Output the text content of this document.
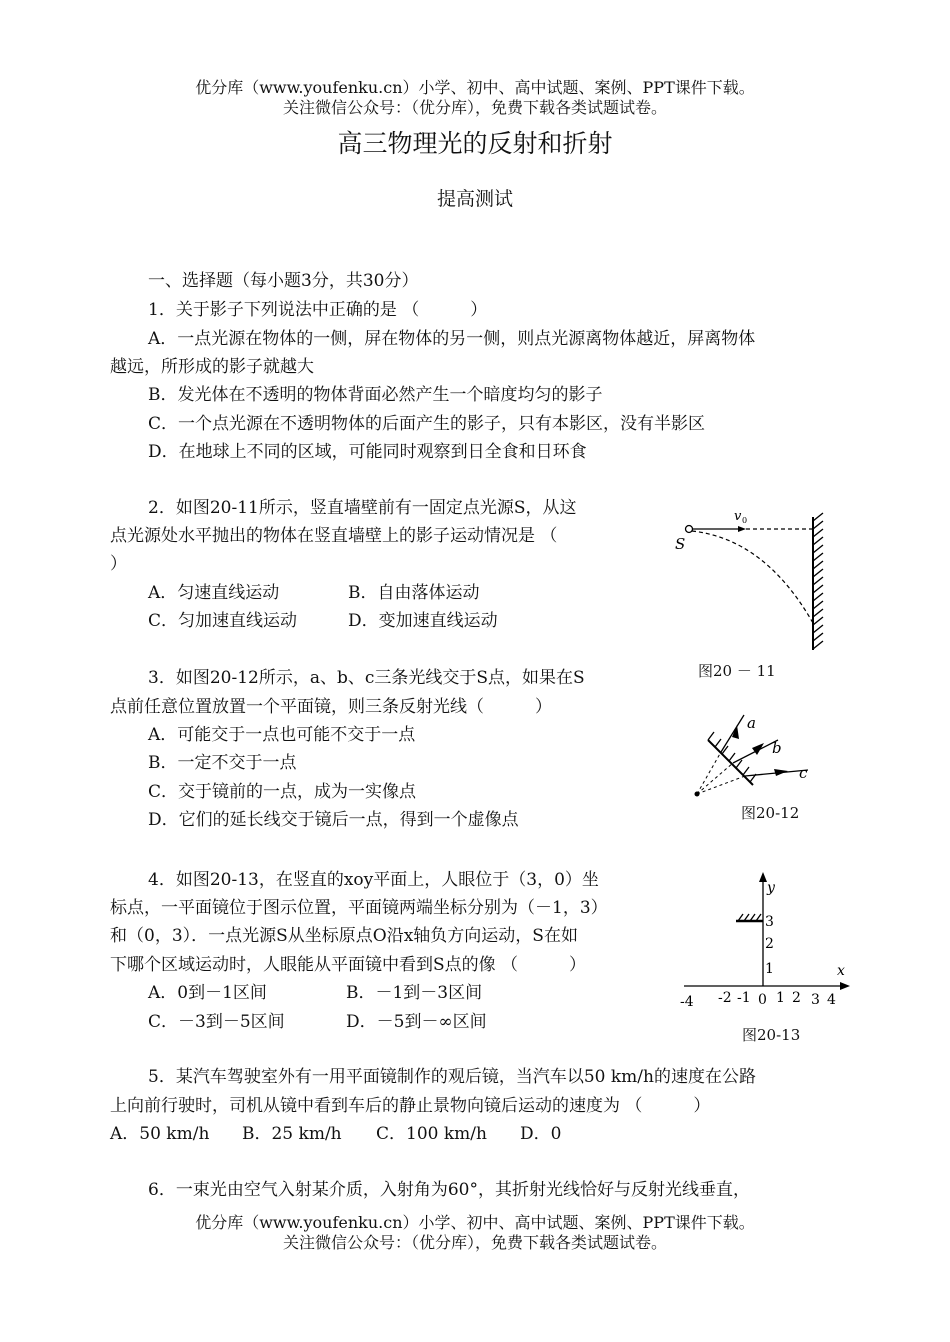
优分库（www.youfenku.cn）小学、初中、高中试题、案例、PPT课件下载。
关注微信公众号：（优分库），免费下载各类试题试卷。
高三物理光的反射和折射
提高测试
一、选择题（每小题3分，共30分）
1．关于影子下列说法中正确的是 （　　　）
A．一点光源在物体的一侧，屏在物体的另一侧，则点光源离物体越近，屏离物体
越远，所形成的影子就越大
B．发光体在不透明的物体背面必然产生一个暗度均匀的影子
C．一个点光源在不透明物体的后面产生的影子，只有本影区，没有半影区
D．在地球上不同的区域，可能同时观察到日全食和日环食
2．如图20-11所示，竖直墙壁前有一固定点光源S，从这
点光源处水平抛出的物体在竖直墙壁上的影子运动情况是 （
）
A．匀速直线运动	B．自由落体运动
C．匀加速直线运动	D．变加速直线运动
S
v 0
图20 － 11
3．如图20-12所示，a、b、c三条光线交于S点，如果在S
点前任意位置放置一个平面镜，则三条反射光线（　　　）
A．可能交于一点也可能不交于一点
B．一定不交于一点
C．交于镜前的一点，成为一实像点
D．它们的延长线交于镜后一点，得到一个虚像点
a
b
c
图20-12
4．如图20-13，在竖直的xoy平面上，人眼位于（3，0）坐
标点，一平面镜位于图示位置，平面镜两端坐标分别为（－1，3）
和（0，3）．一点光源S从坐标原点O沿x轴负方向运动，S在如
下哪个区域运动时，人眼能从平面镜中看到S点的像 （　　　）
A．0到－1区间	B．－1到－3区间
C．－3到－5区间	D．－5到－∞区间
y
x
3
2
1
-4 -2 -1 0 1 2 3 4
图20-13
5．某汽车驾驶室外有一用平面镜制作的观后镜，当汽车以50 km/h的速度在公路
上向前行驶时，司机从镜中看到车后的静止景物向镜后运动的速度为 （　　　）
A．50 km/h B．25 km/h C．100 km/h D．0
6．一束光由空气入射某介质，入射角为60°，其折射光线恰好与反射光线垂直，
优分库（www.youfenku.cn）小学、初中、高中试题、案例、PPT课件下载。
关注微信公众号：（优分库），免费下载各类试题试卷。
